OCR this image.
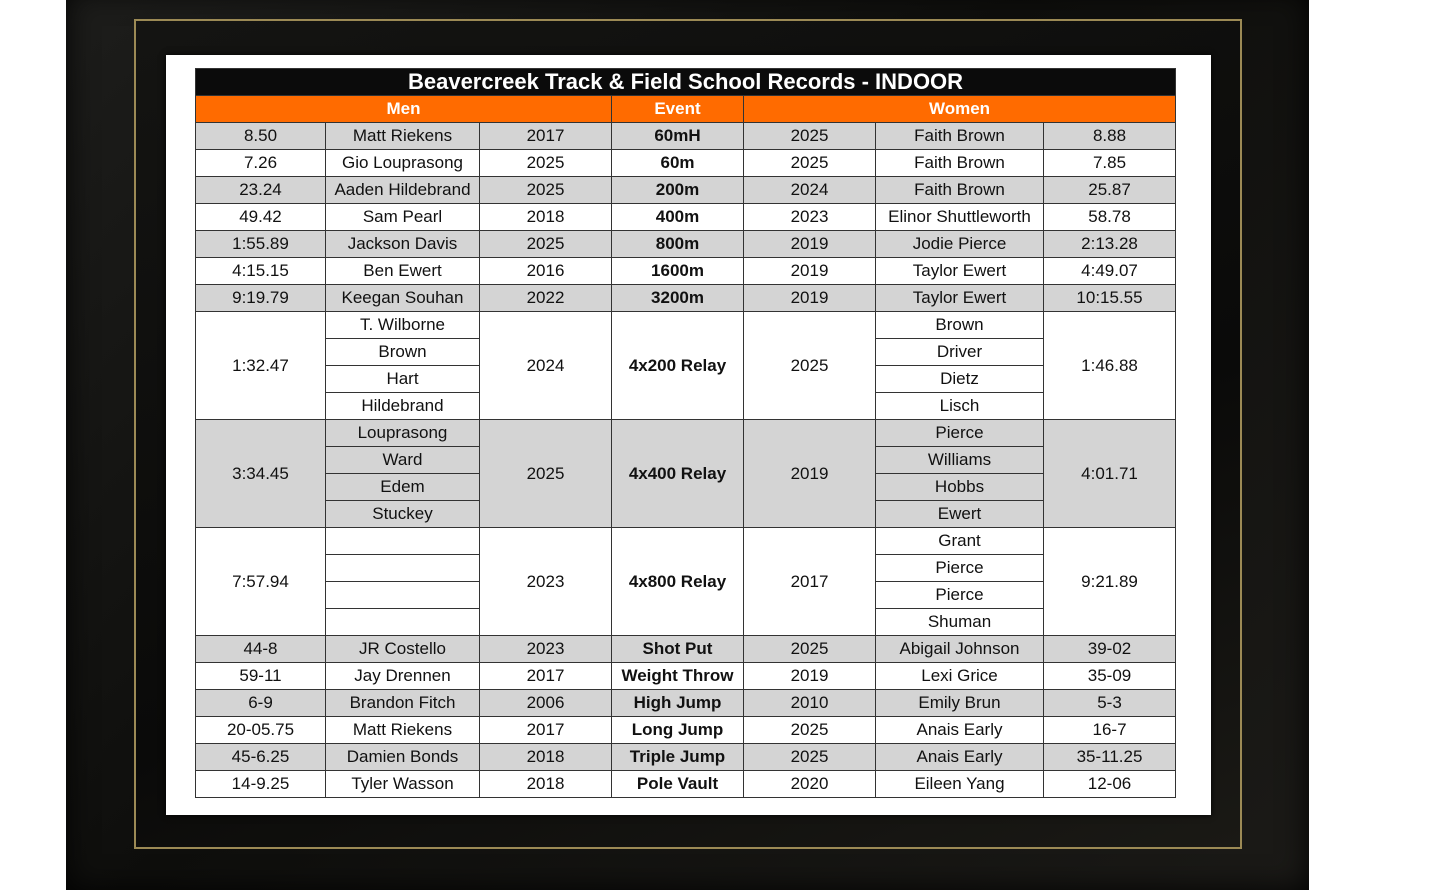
Beavercreek Track & Field School Records - INDOOR						
Men			Event	Women		
8.50	Matt Riekens	2017	60mH	2025	Faith Brown	8.88
7.26	Gio Louprasong	2025	60m	2025	Faith Brown	7.85
23.24	Aaden Hildebrand	2025	200m	2024	Faith Brown	25.87
49.42	Sam Pearl	2018	400m	2023	Elinor Shuttleworth	58.78
1:55.89	Jackson Davis	2025	800m	2019	Jodie Pierce	2:13.28
4:15.15	Ben Ewert	2016	1600m	2019	Taylor Ewert	4:49.07
9:19.79	Keegan Souhan	2022	3200m	2019	Taylor Ewert	10:15.55
1:32.47	T. Wilborne	2024	4x200 Relay	2025	Brown	1:46.88
	Brown				Driver	
	Hart				Dietz	
	Hildebrand				Lisch	
3:34.45	Louprasong	2025	4x400 Relay	2019	Pierce	4:01.71
	Ward				Williams	
	Edem				Hobbs	
	Stuckey				Ewert	
7:57.94		2023	4x800 Relay	2017	Grant	9:21.89
					Pierce	
					Pierce	
					Shuman	
44-8	JR Costello	2023	Shot Put	2025	Abigail Johnson	39-02
59-11	Jay Drennen	2017	Weight Throw	2019	Lexi Grice	35-09
6-9	Brandon Fitch	2006	High Jump	2010	Emily Brun	5-3
20-05.75	Matt Riekens	2017	Long Jump	2025	Anais Early	16-7
45-6.25	Damien Bonds	2018	Triple Jump	2025	Anais Early	35-11.25
14-9.25	Tyler Wasson	2018	Pole Vault	2020	Eileen Yang	12-06
